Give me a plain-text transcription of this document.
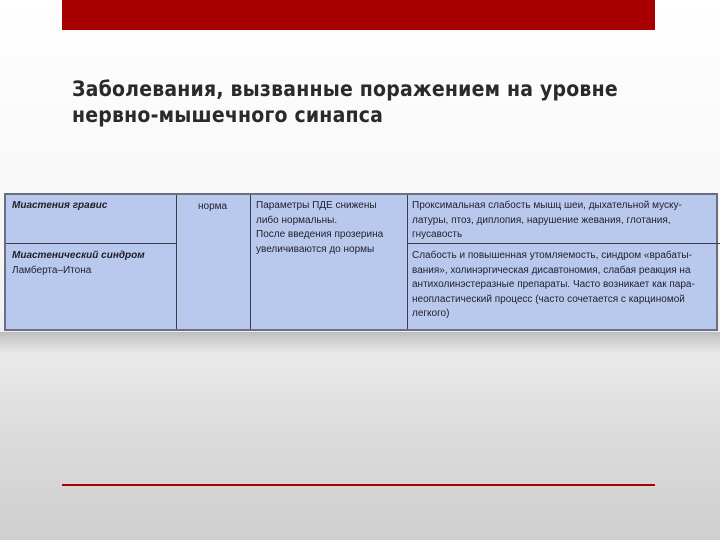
Заболевания, вызванные поражением на уровне
нервно-мышечного синапса
Миастения гравис	норма	Параметры ПДЕ снижены
либо нормальны.
После введения прозерина
увеличиваются до нормы
Проксимальная слабость мышц шеи, дыхательной муску-
латуры, птоз, диплопия, нарушение жевания, глотания,
гнусавость
Миастенический синдром
Ламберта–Итона
Слабость и повышенная утомляемость, синдром «врабаты-
вания», холинэргическая дисавтономия, слабая реакция на
антихолинэстеразные препараты. Часто возникает как пара-
неопластический процесс (часто сочетается с карциномой
легкого)
